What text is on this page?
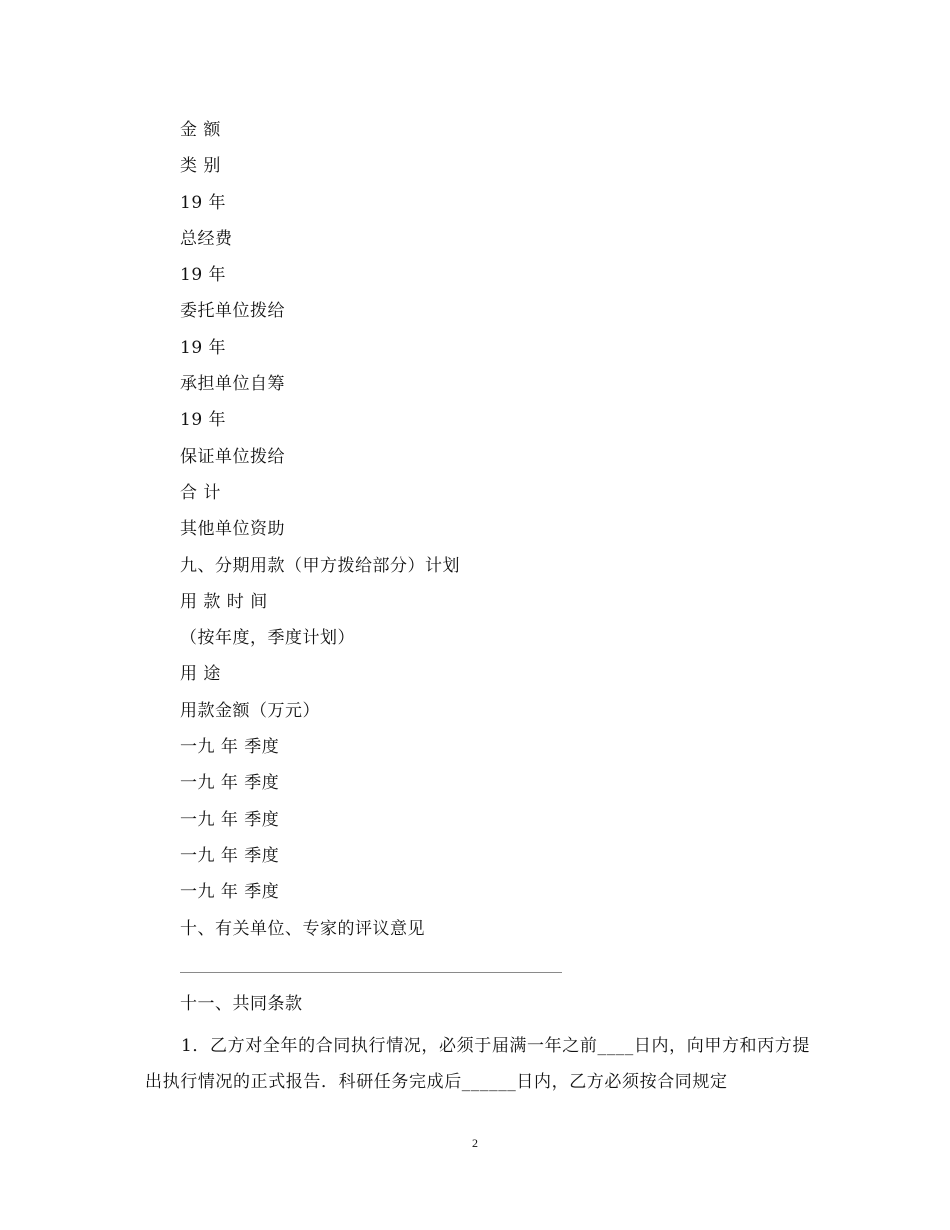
金 额
类 别
19 年
总经费
19 年
委托单位拨给
19 年
承担单位自筹
19 年
保证单位拨给
合 计
其他单位资助
九、分期用款（甲方拨给部分）计划
用 款 时 间
（按年度，季度计划）
用 途
用款金额（万元）
一九 年 季度
一九 年 季度
一九 年 季度
一九 年 季度
一九 年 季度
十、有关单位、专家的评议意见
十一、共同条款
1．乙方对全年的合同执行情况，必须于届满一年之前____日内，向甲方和丙方提出执行情况的正式报告．科研任务完成后______日内，乙方必须按合同规定
2
